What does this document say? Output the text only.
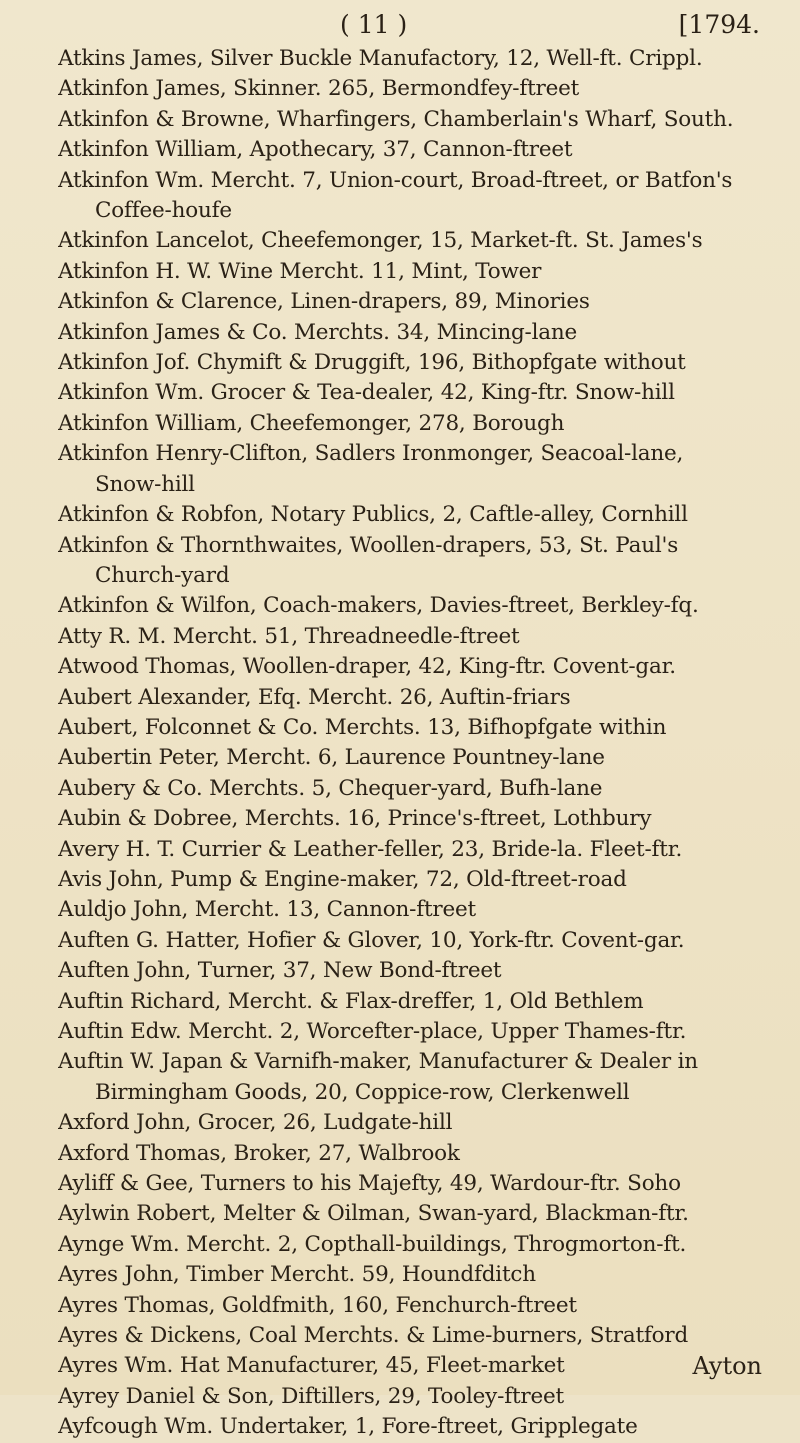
( 11 )	[1794.
Atkins James, Silver Buckle Manufactory, 12, Well-ft. Crippl.
Atkinfon James, Skinner. 265, Bermondfey-ftreet
Atkinfon & Browne, Wharfingers, Chamberlain's Wharf, South.
Atkinfon William, Apothecary, 37, Cannon-ftreet
Atkinfon Wm. Mercht. 7, Union-court, Broad-ftreet, or Batfon's
Coffee-houfe
Atkinfon Lancelot, Cheefemonger, 15, Market-ft. St. James's
Atkinfon H. W. Wine Mercht. 11, Mint, Tower
Atkinfon & Clarence, Linen-drapers, 89, Minories
Atkinfon James & Co. Merchts. 34, Mincing-lane
Atkinfon Jof. Chymift & Druggift, 196, Bithopfgate without
Atkinfon Wm. Grocer & Tea-dealer, 42, King-ftr. Snow-hill
Atkinfon William, Cheefemonger, 278, Borough
Atkinfon Henry-Clifton, Sadlers Ironmonger, Seacoal-lane,
Snow-hill
Atkinfon & Robfon, Notary Publics, 2, Caftle-alley, Cornhill
Atkinfon & Thornthwaites, Woollen-drapers, 53, St. Paul's
Church-yard
Atkinfon & Wilfon, Coach-makers, Davies-ftreet, Berkley-fq.
Atty R. M. Mercht. 51, Threadneedle-ftreet
Atwood Thomas, Woollen-draper, 42, King-ftr. Covent-gar.
Aubert Alexander, Efq. Mercht. 26, Auftin-friars
Aubert, Folconnet & Co. Merchts. 13, Bifhopfgate within
Aubertin Peter, Mercht. 6, Laurence Pountney-lane
Aubery & Co. Merchts. 5, Chequer-yard, Bufh-lane
Aubin & Dobree, Merchts. 16, Prince's-ftreet, Lothbury
Avery H. T. Currier & Leather-feller, 23, Bride-la. Fleet-ftr.
Avis John, Pump & Engine-maker, 72, Old-ftreet-road
Auldjo John, Mercht. 13, Cannon-ftreet
Auften G. Hatter, Hofier & Glover, 10, York-ftr. Covent-gar.
Auften John, Turner, 37, New Bond-ftreet
Auftin Richard, Mercht. & Flax-dreffer, 1, Old Bethlem
Auftin Edw. Mercht. 2, Worcefter-place, Upper Thames-ftr.
Auftin W. Japan & Varnifh-maker, Manufacturer & Dealer in
Birmingham Goods, 20, Coppice-row, Clerkenwell
Axford John, Grocer, 26, Ludgate-hill
Axford Thomas, Broker, 27, Walbrook
Ayliff & Gee, Turners to his Majefty, 49, Wardour-ftr. Soho
Aylwin Robert, Melter & Oilman, Swan-yard, Blackman-ftr.
Aynge Wm. Mercht. 2, Copthall-buildings, Throgmorton-ft.
Ayres John, Timber Mercht. 59, Houndfditch
Ayres Thomas, Goldfmith, 160, Fenchurch-ftreet
Ayres & Dickens, Coal Merchts. & Lime-burners, Stratford
Ayres Wm. Hat Manufacturer, 45, Fleet-market
Ayrey Daniel & Son, Diftillers, 29, Tooley-ftreet
Ayfcough Wm. Undertaker, 1, Fore-ftreet, Gripplegate
Ayton
